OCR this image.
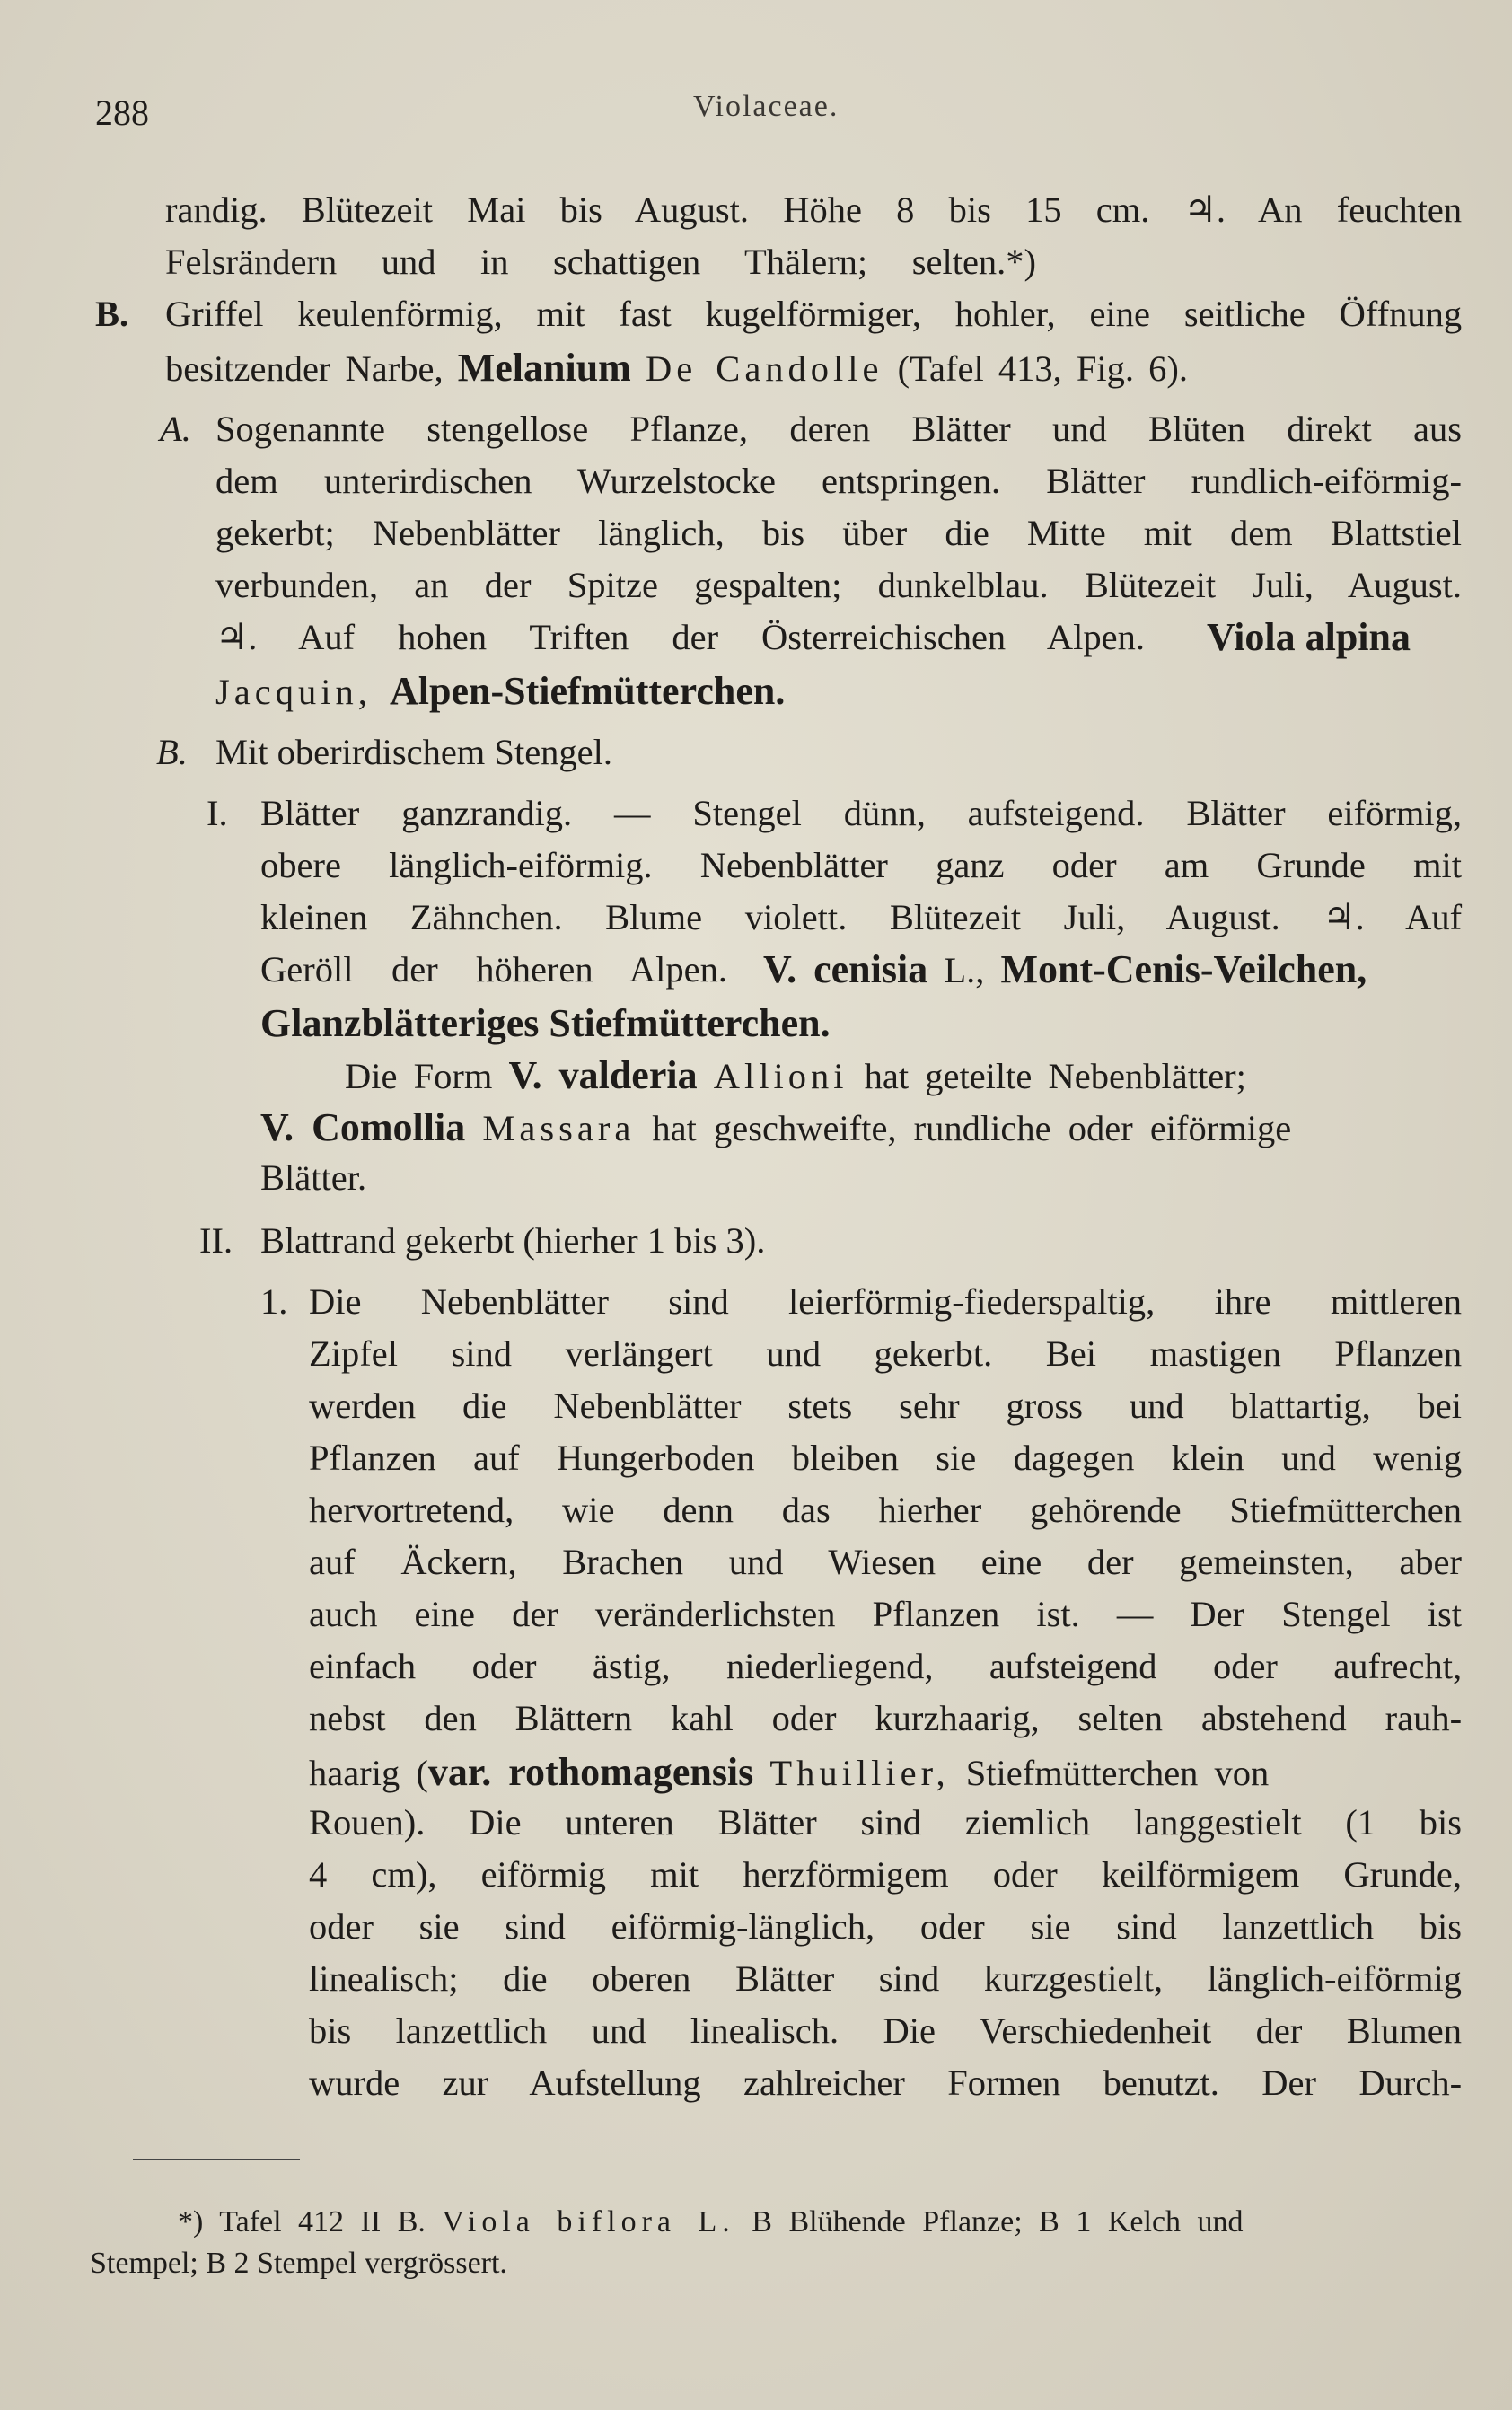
288	Violaceae.
randig. Blütezeit Mai bis August. Höhe 8 bis 15 cm. ♃. An feuchten
Felsrändern und in schattigen Thälern; selten.*)
B. Griffel keulenförmig, mit fast kugelförmiger, hohler, eine seitliche Öffnung
besitzender Narbe, Melanium De Candolle (Tafel 413, Fig. 6).
A. Sogenannte stengellose Pflanze, deren Blätter und Blüten direkt aus
dem unterirdischen Wurzelstocke entspringen. Blätter rundlich-eiförmig-
gekerbt; Nebenblätter länglich, bis über die Mitte mit dem Blattstiel
verbunden, an der Spitze gespalten; dunkelblau. Blütezeit Juli, August.
♃. Auf hohen Triften der Österreichischen Alpen. Viola alpina
Jacquin, Alpen-Stiefmütterchen.
B. Mit oberirdischem Stengel.
I. Blätter ganzrandig. — Stengel dünn, aufsteigend. Blätter eiförmig,
obere länglich-eiförmig. Nebenblätter ganz oder am Grunde mit
kleinen Zähnchen. Blume violett. Blütezeit Juli, August. ♃. Auf
Geröll der höheren Alpen. V. cenisia L., Mont-Cenis-Veilchen,
Glanzblätteriges Stiefmütterchen.
Die Form V. valderia Allioni hat geteilte Nebenblätter;
V. Comollia Massara hat geschweifte, rundliche oder eiförmige
Blätter.
II. Blattrand gekerbt (hierher 1 bis 3).
1. Die Nebenblätter sind leierförmig-fiederspaltig, ihre mittleren
Zipfel sind verlängert und gekerbt. Bei mastigen Pflanzen
werden die Nebenblätter stets sehr gross und blattartig, bei
Pflanzen auf Hungerboden bleiben sie dagegen klein und wenig
hervortretend, wie denn das hierher gehörende Stiefmütterchen
auf Äckern, Brachen und Wiesen eine der gemeinsten, aber
auch eine der veränderlichsten Pflanzen ist. — Der Stengel ist
einfach oder ästig, niederliegend, aufsteigend oder aufrecht,
nebst den Blättern kahl oder kurzhaarig, selten abstehend rauh-
haarig (var. rothomagensis Thuillier, Stiefmütterchen von
Rouen). Die unteren Blätter sind ziemlich langgestielt (1 bis
4 cm), eiförmig mit herzförmigem oder keilförmigem Grunde,
oder sie sind eiförmig-länglich, oder sie sind lanzettlich bis
linealisch; die oberen Blätter sind kurzgestielt, länglich-eiförmig
bis lanzettlich und linealisch. Die Verschiedenheit der Blumen
wurde zur Aufstellung zahlreicher Formen benutzt. Der Durch-
*) Tafel 412 II B. Viola biflora L. B Blühende Pflanze; B 1 Kelch und
Stempel; B 2 Stempel vergrössert.
